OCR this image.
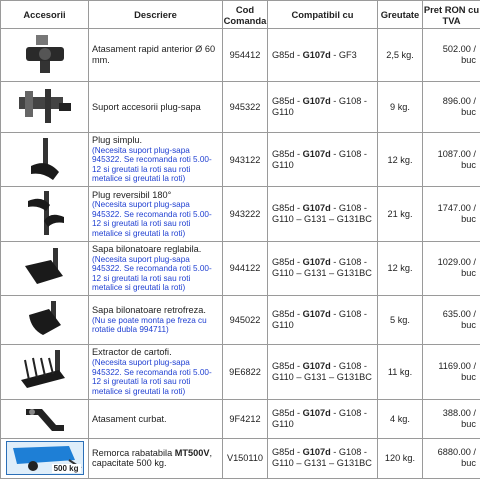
Accesorii	Descriere	Cod Comanda	Compatibil cu	Greutate	Pret RON cu TVA

	Atasament rapid anterior Ø 60 mm.	954412	G85d - G107d - GF3	2,5 kg.	502.00 /
buc

	Suport accesorii plug-sapa	945322	G85d - G107d - G108 - G110	9 kg.	896.00 /
buc

	Plug simplu.
(Necesita suport plug-sapa 945322. Se recomanda roti 5.00-12 si greutati la roti sau roti metalice si greutati la roti)	943122	G85d - G107d - G108 - G110	12 kg.	1087.00 /
buc

	Plug reversibil 180°
(Necesita suport plug-sapa 945322. Se recomanda roti 5.00-12 si greutati la roti sau roti metalice si greutati la roti)	943222	G85d - G107d - G108 - G110 – G131 – G131BC	21 kg.	1747.00 /
buc

	Sapa bilonatoare reglabila.
(Necesita suport plug-sapa 945322. Se recomanda roti 5.00-12 si greutati la roti sau roti metalice si greutati la roti)	944122	G85d - G107d - G108 - G110 – G131 – G131BC	12 kg.	1029.00 /
buc

	Sapa bilonatoare retrofreza.
(Nu se poate monta pe freza cu rotatie dubla 994711)	945022	G85d - G107d - G108 - G110	5 kg.	635.00 /
buc

	Extractor de cartofi.
(Necesita suport plug-sapa 945322. Se recomanda roti 5.00-12 si greutati la roti sau roti metalice si greutati la roti)	9E6822	G85d - G107d - G108 - G110 – G131 – G131BC	11 kg.	1169.00 /
buc

	Atasament curbat.	9F4212	G85d - G107d - G108 - G110	4 kg.	388.00 /
buc

500 kg	Remorca rabatabila MT500V, capacitate 500 kg.	V150110	G85d - G107d - G108 - G110 – G131 – G131BC	120 kg.	6880.00 /
buc
